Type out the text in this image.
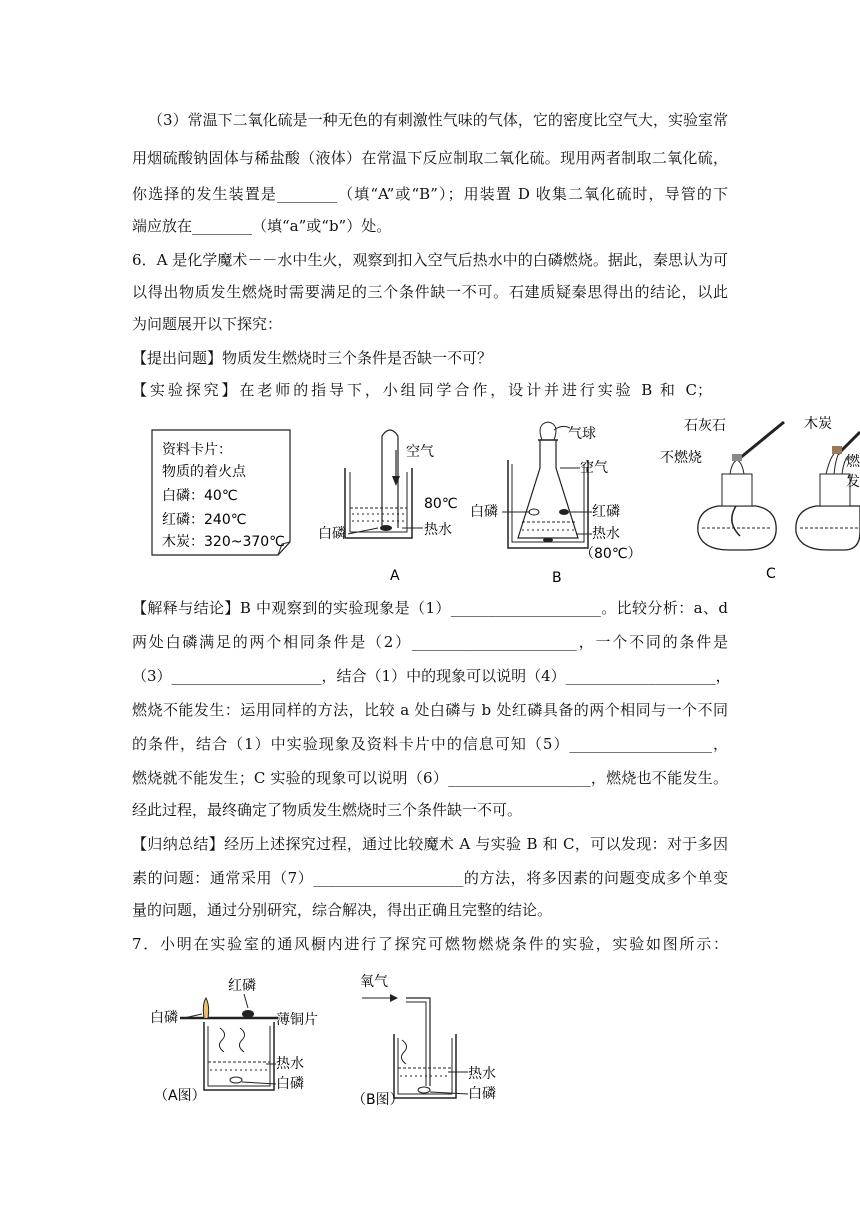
（3）常温下二氧化硫是一种无色的有刺激性气味的气体，它的密度比空气大，实验室常
用烟硫酸钠固体与稀盐酸（液体）在常温下反应制取二氧化硫。现用两者制取二氧化硫，
你选择的发生装置是________（填“A”或“B”）；用装置 D 收集二氧化硫时，导管的下
端应放在________（填“a”或“b”）处。
6．A 是化学魔术－－水中生火，观察到扣入空气后热水中的白磷燃烧。据此，秦思认为可
以得出物质发生燃烧时需要满足的三个条件缺一不可。石建质疑秦思得出的结论，以此
为问题展开以下探究：
【提出问题】物质发生燃烧时三个条件是否缺一不可？
【实验探究】在老师的指导下，小组同学合作，设计并进行实验 B 和 C；
资料卡片：
物质的着火点
白磷：40℃
红磷：240℃
木炭：320~370℃
空气
80℃
热水
白磷
A
气球
空气
白磷	红磷
热水
（80℃）
B
石灰石
不燃烧
木炭
燃
发
C
【解释与结论】B 中观察到的实验现象是（1）____________________。比较分析：a、d
两处白磷满足的两个相同条件是（2）______________________，一个不同的条件是
（3）____________________，结合（1）中的现象可以说明（4）____________________，
燃烧不能发生：运用同样的方法，比较 a 处白磷与 b 处红磷具备的两个相同与一个不同
的条件，结合（1）中实验现象及资料卡片中的信息可知（5）___________________，
燃烧就不能发生；C 实验的现象可以说明（6）___________________，燃烧也不能发生。
经此过程，最终确定了物质发生燃烧时三个条件缺一不可。
【归纳总结】经历上述探究过程，通过比较魔术 A 与实验 B 和 C，可以发现：对于多因
素的问题：通常采用（7）____________________的方法，将多因素的问题变成多个单变
量的问题，通过分别研究，综合解决，得出正确且完整的结论。
7．小明在实验室的通风橱内进行了探究可燃物燃烧条件的实验，实验如图所示：
红磷
白磷	薄铜片
热水
白磷
（A图）
氧气
热水
白磷
（B图）
